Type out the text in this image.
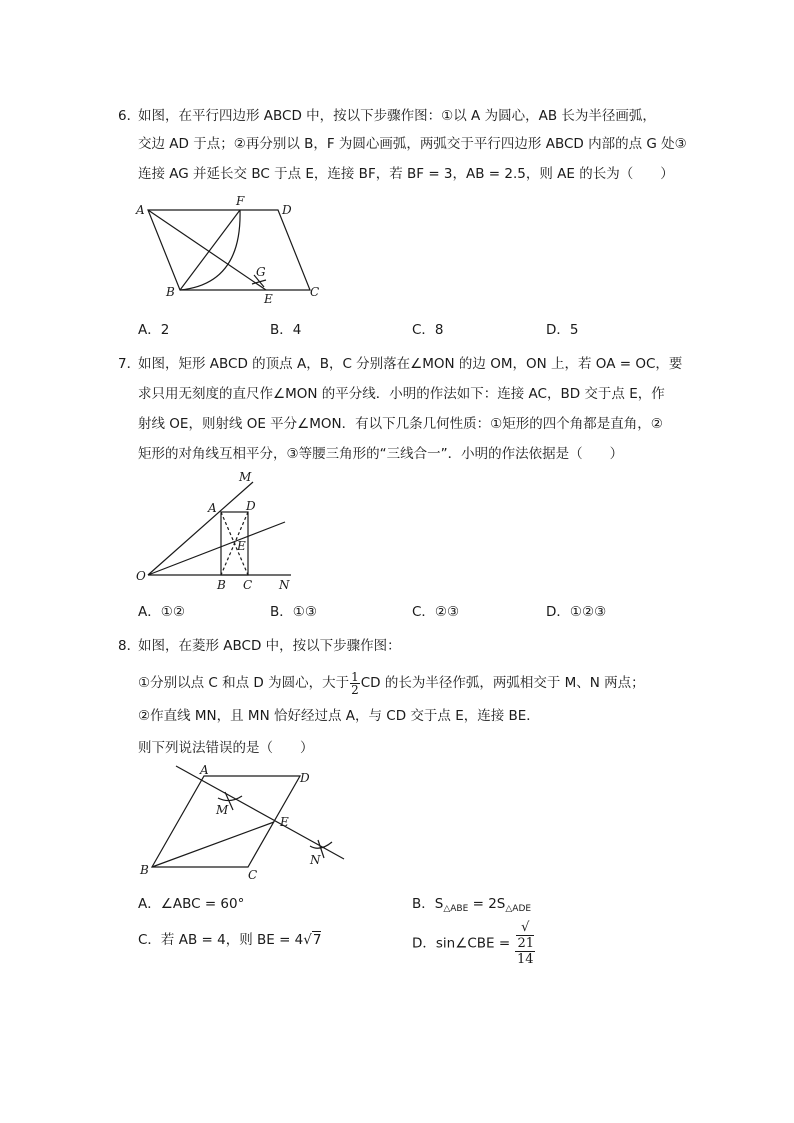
6．
如图，在平行四边形 ABCD 中，按以下步骤作图：①以 A 为圆心，AB 长为半径画弧，
交边 AD 于点；②再分别以 B，F 为圆心画弧，两弧交于平行四边形 ABCD 内部的点 G 处③
连接 AG 并延长交 BC 于点 E，连接 BF，若 BF = 3，AB = 2.5，则 AE 的长为（　　）
A
F
D
G
B	E	C
A．2	B．4	C．8	D．5
7．
如图，矩形 ABCD 的顶点 A，B，C 分别落在∠MON 的边 OM，ON 上，若 OA = OC，要
求只用无刻度的直尺作∠MON 的平分线．小明的作法如下：连接 AC，BD 交于点 E，作
射线 OE，则射线 OE 平分∠MON．有以下几条几何性质：①矩形的四个角都是直角，②
矩形的对角线互相平分，③等腰三角形的“三线合一”．小明的作法依据是（　　）
M
A D
E
O
B C N
A．①②	B．①③	C．②③	D．①②③
8．
如图，在菱形 ABCD 中，按以下步骤作图：
①分别以点 C 和点 D 为圆心，大于 $\frac{1}{2}$ CD 的长为半径作弧，两弧相交于 M、N 两点；
②作直线 MN，且 MN 恰好经过点 A，与 CD 交于点 E，连接 BE．
则下列说法错误的是（　　）
A
D
M
E
B	C
N
A．∠ABC = 60°	B．$S_{\triangle ABE} = 2S_{\triangle ADE}$
C．若 AB = 4，则 BE = 4√7	D．sin∠CBE = √
21
14
